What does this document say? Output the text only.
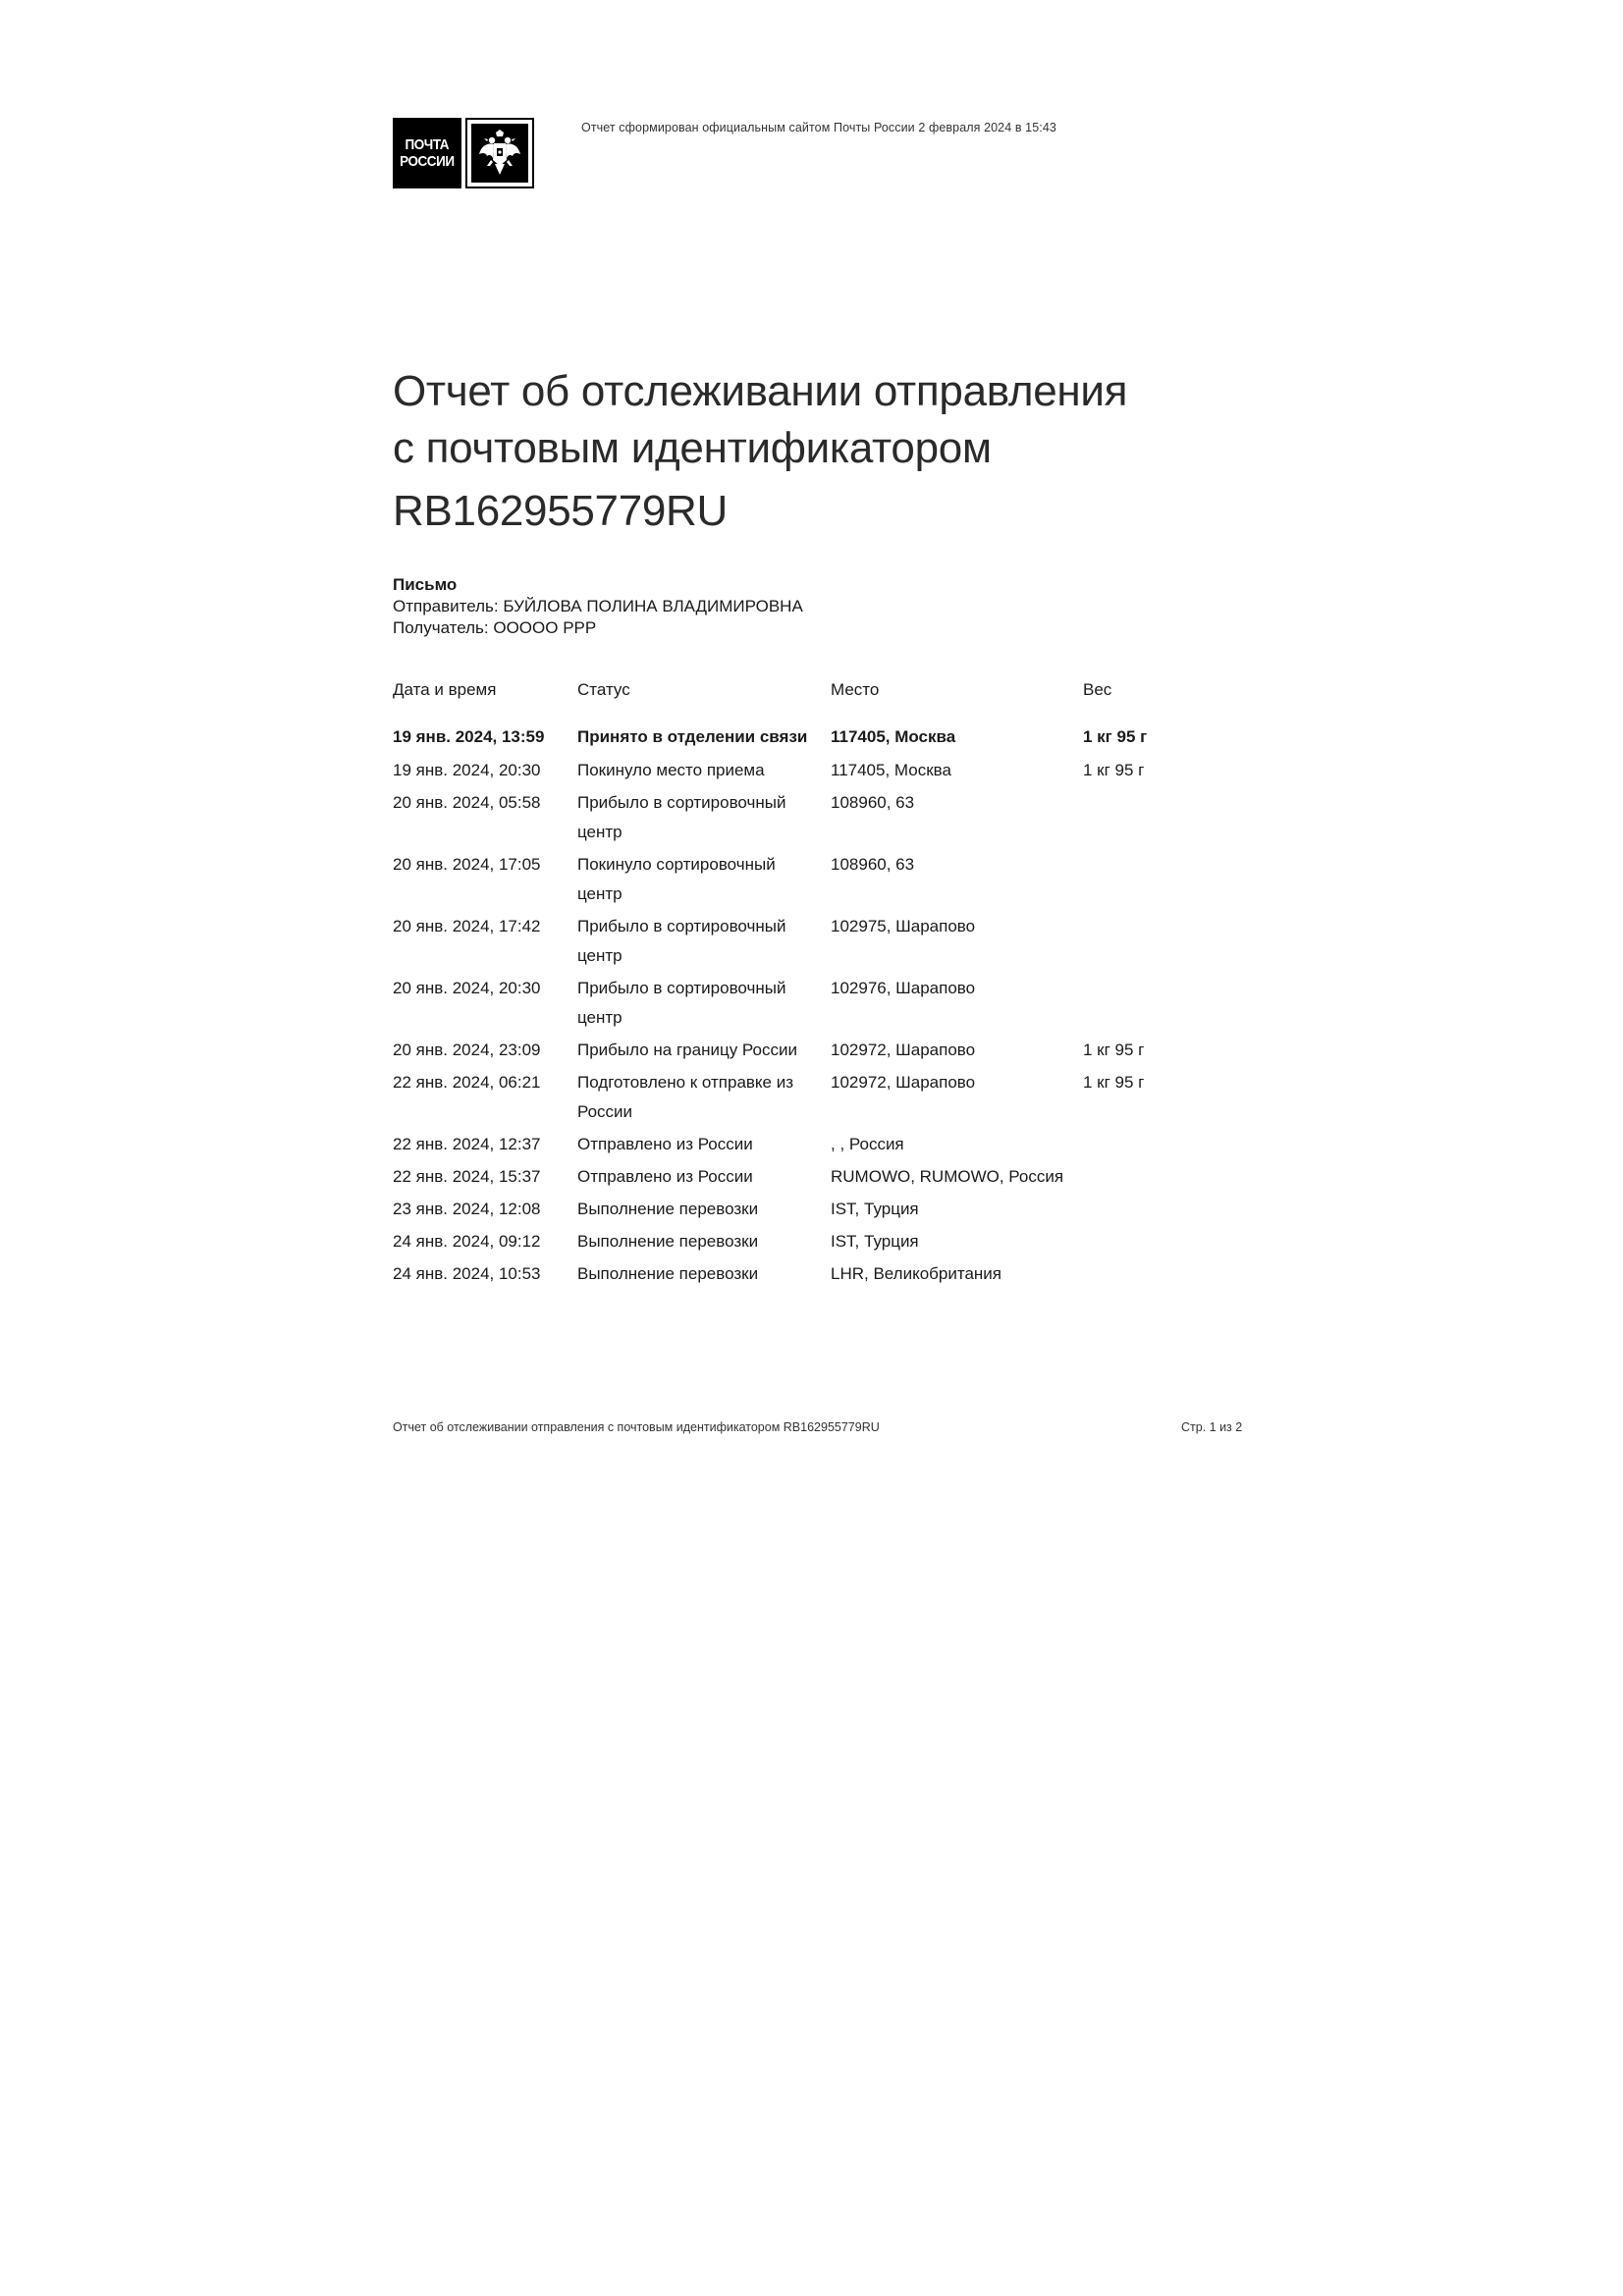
ПОЧТА
РОССИИ
Отчет сформирован официальным сайтом Почты России 2 февраля 2024 в 15:43
Отчет об отслеживании отправления
с почтовым идентификатором
RB162955779RU
Письмо
Отправитель: БУЙЛОВА ПОЛИНА ВЛАДИМИРОВНА
Получатель: ООООО РРР
Дата и время	Статус	Место	Вес
19 янв. 2024, 13:59	Принято в отделении связи	117405, Москва	1 кг 95 г
19 янв. 2024, 20:30	Покинуло место приема	117405, Москва	1 кг 95 г
20 янв. 2024, 05:58	Прибыло в сортировочный центр	108960, 63	
20 янв. 2024, 17:05	Покинуло сортировочный центр	108960, 63	
20 янв. 2024, 17:42	Прибыло в сортировочный центр	102975, Шарапово	
20 янв. 2024, 20:30	Прибыло в сортировочный центр	102976, Шарапово	
20 янв. 2024, 23:09	Прибыло на границу России	102972, Шарапово	1 кг 95 г
22 янв. 2024, 06:21	Подготовлено к отправке из России	102972, Шарапово	1 кг 95 г
22 янв. 2024, 12:37	Отправлено из России	, , Россия	
22 янв. 2024, 15:37	Отправлено из России	RUMOWO, RUMOWO, Россия	
23 янв. 2024, 12:08	Выполнение перевозки	IST, Турция	
24 янв. 2024, 09:12	Выполнение перевозки	IST, Турция	
24 янв. 2024, 10:53	Выполнение перевозки	LHR, Великобритания	
Отчет об отслеживании отправления с почтовым идентификатором RB162955779RU	Стр. 1 из 2
